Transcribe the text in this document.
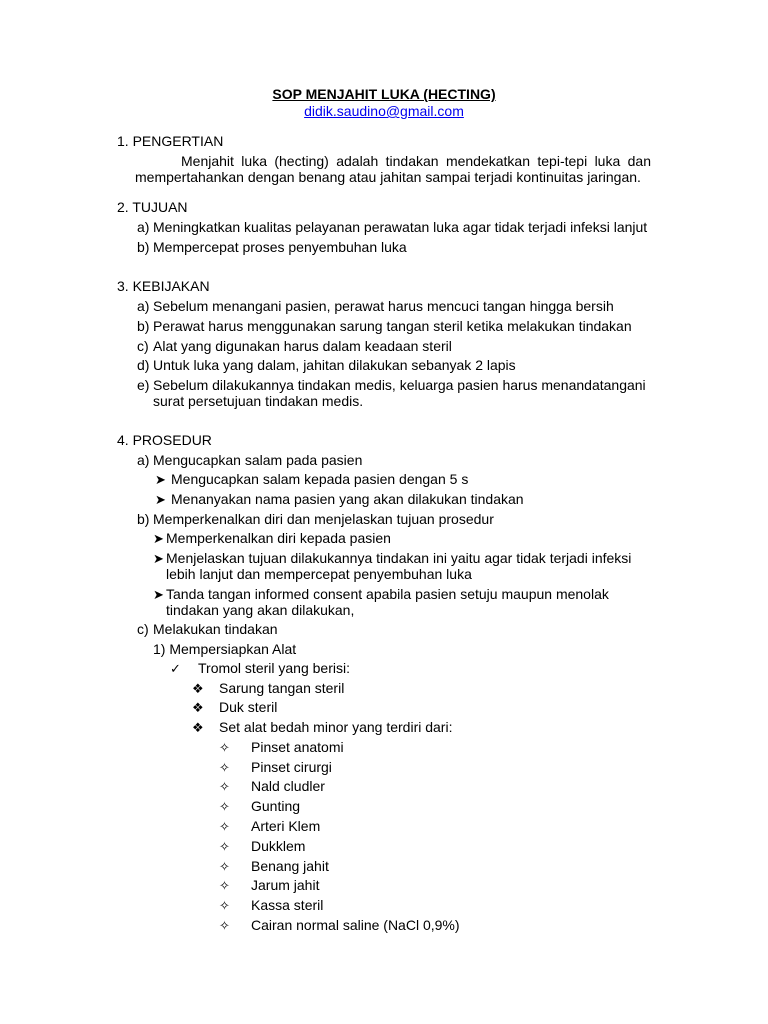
SOP MENJAHIT LUKA (HECTING)
didik.saudino@gmail.com
1. PENGERTIAN
Menjahit luka (hecting) adalah tindakan mendekatkan tepi-tepi luka dan
mempertahankan dengan benang atau jahitan sampai terjadi kontinuitas jaringan.
2. TUJUAN
a) Meningkatkan kualitas pelayanan perawatan luka agar tidak terjadi infeksi lanjut
b) Mempercepat proses penyembuhan luka
3. KEBIJAKAN
a) Sebelum menangani pasien, perawat harus mencuci tangan hingga bersih
b) Perawat harus menggunakan sarung tangan steril ketika melakukan tindakan
c) Alat yang digunakan harus dalam keadaan steril
d) Untuk luka yang dalam, jahitan dilakukan sebanyak 2 lapis
e) Sebelum dilakukannya tindakan medis, keluarga pasien harus menandatangani
surat persetujuan tindakan medis.
4. PROSEDUR
a) Mengucapkan salam pada pasien
➤ Mengucapkan salam kepada pasien dengan 5 s
➤ Menanyakan nama pasien yang akan dilakukan tindakan
b) Memperkenalkan diri dan menjelaskan tujuan prosedur
➤ Memperkenalkan diri kepada pasien
➤ Menjelaskan tujuan dilakukannya tindakan ini yaitu agar tidak terjadi infeksi
lebih lanjut dan mempercepat penyembuhan luka
➤ Tanda tangan informed consent apabila pasien setuju maupun menolak
tindakan yang akan dilakukan,
c) Melakukan tindakan
1) Mempersiapkan Alat
✓ Tromol steril yang berisi:
❖ Sarung tangan steril
❖ Duk steril
❖ Set alat bedah minor yang terdiri dari:
✧ Pinset anatomi
✧ Pinset cirurgi
✧ Nald cludler
✧ Gunting
✧ Arteri Klem
✧ Dukklem
✧ Benang jahit
✧ Jarum jahit
✧ Kassa steril
✧ Cairan normal saline (NaCl 0,9%)
